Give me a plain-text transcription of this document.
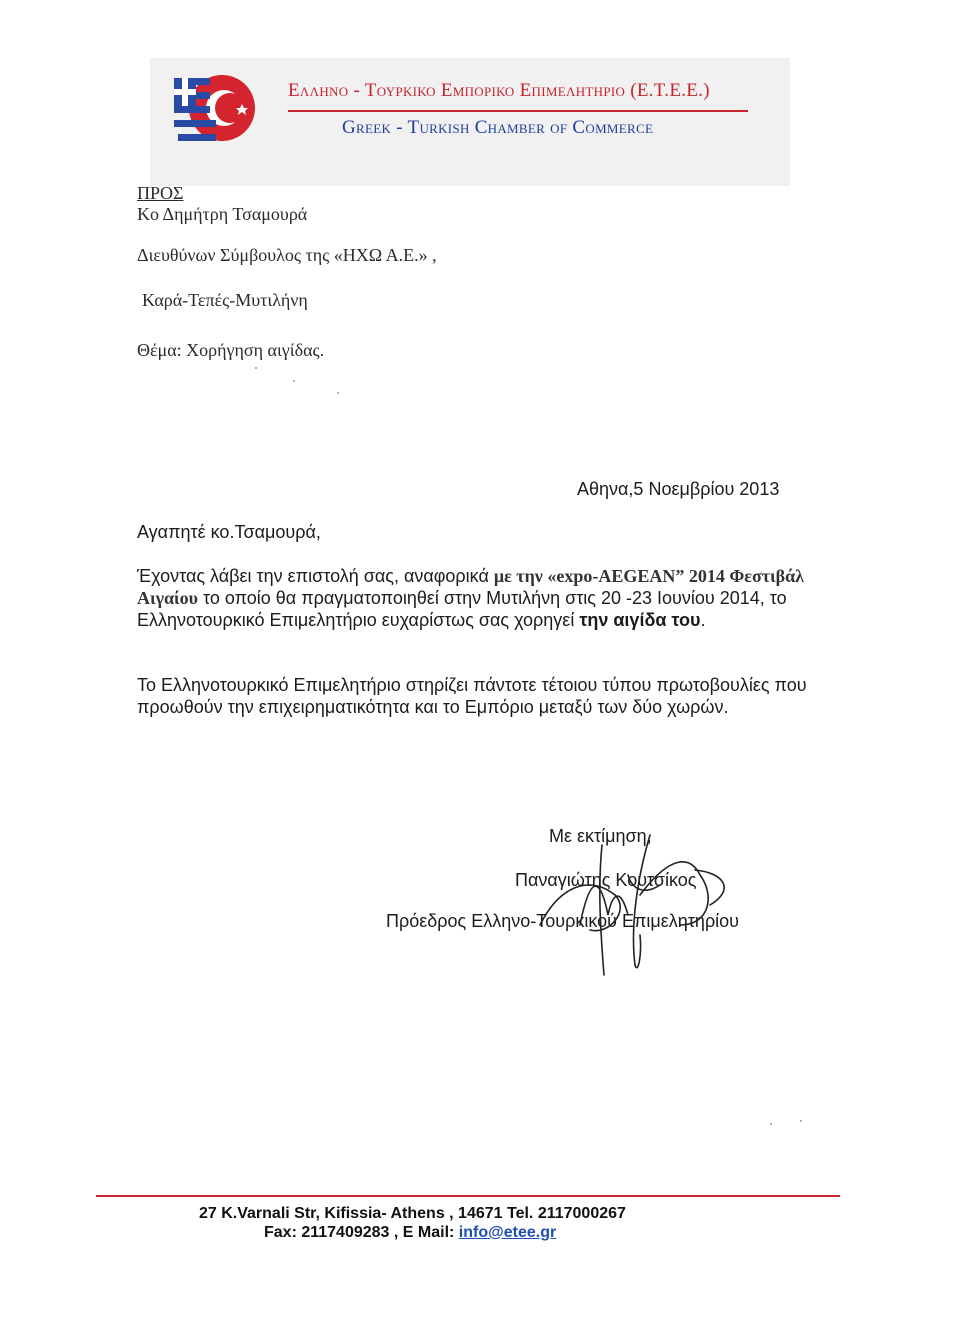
Ελληνο - Τουρκικο Εμπορικο Επιμελητηριο (Ε.Τ.Ε.Ε.)
Greek - Turkish Chamber of Commerce
ΠΡΟΣ
Κο Δημήτρη Τσαμουρά
Διευθύνων Σύμβουλος της «ΗΧΩ Α.Ε.» ,
Καρά-Τεπές-Μυτιλήνη
Θέμα: Χορήγηση αιγίδας.
Αθηνα,5 Νοεμβρίου 2013
Αγαπητέ κο.Τσαμουρά,
Έχοντας λάβει την επιστολή σας, αναφορικά με την «expo-AEGEAN” 2014 Φεστιβάλ Αιγαίου το οποίο θα πραγματοποιηθεί στην Μυτιλήνη στις 20 -23 Ιουνίου 2014, το Ελληνοτουρκικό Επιμελητήριο ευχαρίστως σας χορηγεί την αιγίδα του.
Το Ελληνοτουρκικό Επιμελητήριο στηρίζει πάντοτε τέτοιου τύπου πρωτοβουλίες που προωθούν την επιχειρηματικότητα και το Εμπόριο μεταξύ των δύο χωρών.
Με εκτίμηση,
Παναγιώτης Κουτσίκος
Πρόεδρος Ελληνο-Τουρκικού Επιμελητηρίου
27 K.Varnali Str, Kifissia- Athens , 14671 Tel. 2117000267
Fax: 2117409283 , E Mail: info@etee.gr
